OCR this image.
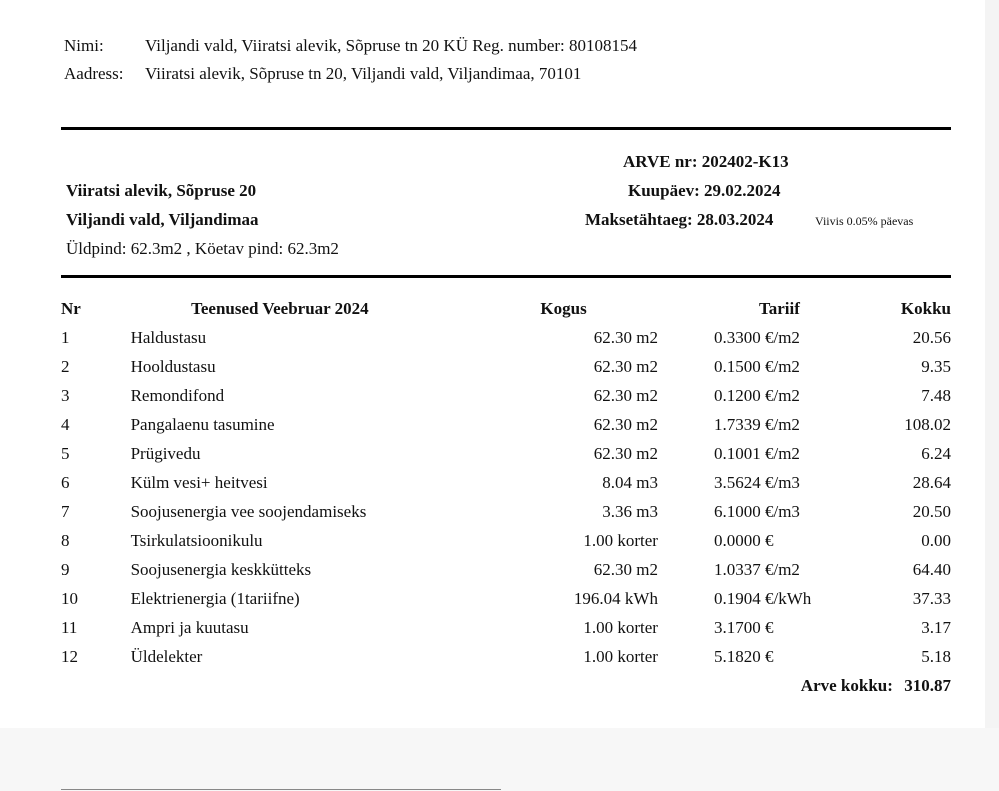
Nimi: Viljandi vald, Viiratsi alevik, Sõpruse tn 20 KÜ Reg. number: 80108154
Aadress: Viiratsi alevik, Sõpruse tn 20, Viljandi vald, Viljandimaa, 70101
Viiratsi alevik, Sõpruse 20
Viljandi vald, Viljandimaa
Üldpind: 62.3m2 , Köetav pind: 62.3m2
ARVE nr: 202402-K13
Kuupäev: 29.02.2024
Maksetähtaeg: 28.03.2024	Viivis 0.05% päevas
Nr	Teenused Veebruar 2024	Kogus	Tariif	Kokku
1	Haldustasu	62.30 m2	0.3300 €/m2	20.56
2	Hooldustasu	62.30 m2	0.1500 €/m2	9.35
3	Remondifond	62.30 m2	0.1200 €/m2	7.48
4	Pangalaenu tasumine	62.30 m2	1.7339 €/m2	108.02
5	Prügivedu	62.30 m2	0.1001 €/m2	6.24
6	Külm vesi+ heitvesi	8.04 m3	3.5624 €/m3	28.64
7	Soojusenergia vee soojendamiseks	3.36 m3	6.1000 €/m3	20.50
8	Tsirkulatsioonikulu	1.00 korter	0.0000 €	0.00
9	Soojusenergia keskkütteks	62.30 m2	1.0337 €/m2	64.40
10	Elektrienergia (1tariifne)	196.04 kWh	0.1904 €/kWh	37.33
11	Ampri ja kuutasu	1.00 korter	3.1700 €	3.17
12	Üldelekter	1.00 korter	5.1820 €	5.18
			Arve kokku:	310.87
